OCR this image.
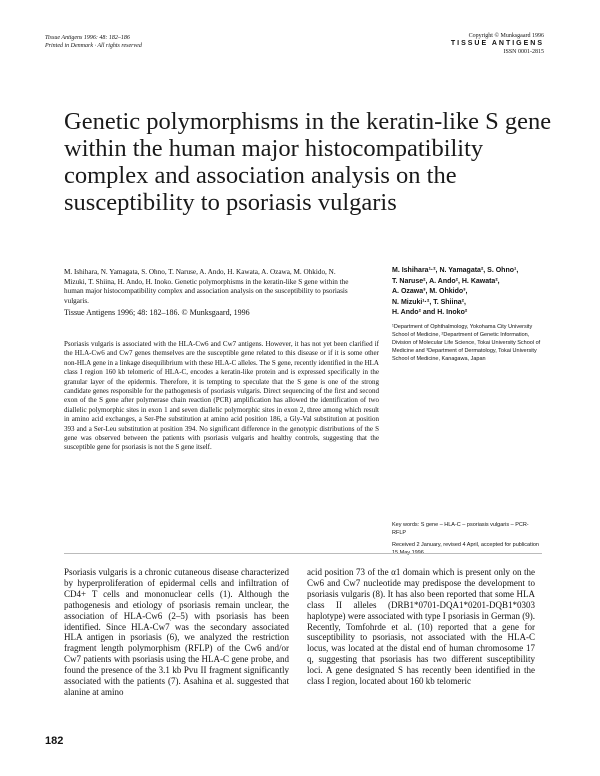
Tissue Antigens 1996: 48: 182–186
Printed in Denmark · All rights reserved
Copyright © Munksgaard 1996
TISSUE ANTIGENS
ISSN 0001-2815
Genetic polymorphisms in the keratin-like S gene within the human major histocompatibility complex and association analysis on the susceptibility to psoriasis vulgaris
M. Ishihara, N. Yamagata, S. Ohno, T. Naruse, A. Ando, H. Kawata, A. Ozawa, M. Ohkido, N. Mizuki, T. Shiina, H. Ando, H. Inoko. Genetic polymorphisms in the keratin-like S gene within the human major histocompatibility complex and association analysis on the susceptibility to psoriasis vulgaris.
Tissue Antigens 1996; 48: 182–186. © Munksgaard, 1996
Psoriasis vulgaris is associated with the HLA-Cw6 and Cw7 antigens. However, it has not yet been clarified if the HLA-Cw6 and Cw7 genes themselves are the susceptible gene related to this disease or if it is some other non-HLA gene in a linkage disequilibrium with these HLA-C alleles. The S gene, recently identified in the HLA class I region 160 kb telomeric of HLA-C, encodes a keratin-like protein and is expressed specifically in the granular layer of the epidermis. Therefore, it is tempting to speculate that the S gene is one of the strong candidate genes responsible for the pathogenesis of psoriasis vulgaris. Direct sequencing of the first and second exon of the S gene after polymerase chain reaction (PCR) amplification has allowed the identification of two diallelic polymorphic sites in exon 1 and seven diallelic polymorphic sites in exon 2, three among which result in amino acid exchanges, a Ser-Phe substitution at amino acid position 186, a Gly-Val substitution at position 393 and a Ser-Leu substitution at position 394. No significant difference in the genotypic distributions of the S gene was observed between the patients with psoriasis vulgaris and healthy controls, suggesting that the susceptible gene for psoriasis is not the S gene itself.
M. Ishihara¹·², N. Yamagata², S. Ohno¹,
T. Naruse², A. Ando², H. Kawata²,
A. Ozawa³, M. Ohkido³,
N. Mizuki¹·², T. Shiina²,
H. Ando² and H. Inoko²
¹Department of Ophthalmology, Yokohama City University School of Medicine, ²Department of Genetic Information, Division of Molecular Life Science, Tokai University School of Medicine and ³Department of Dermatology, Tokai University School of Medicine, Kanagawa, Japan
Key words: S gene – HLA-C – psoriasis vulgaris – PCR-RFLP
Received 2 January, revised 4 April, accepted for publication 15 May 1996
Psoriasis vulgaris is a chronic cutaneous disease characterized by hyperproliferation of epidermal cells and infiltration of CD4+ T cells and mononuclear cells (1). Although the pathogenesis and etiology of psoriasis remain unclear, the association of HLA-Cw6 (2–5) with psoriasis has been identified. Since HLA-Cw7 was the secondary associated HLA antigen in psoriasis (6), we analyzed the restriction fragment length polymorphism (RFLP) of the Cw6 and/or Cw7 patients with psoriasis using the HLA-C gene probe, and found the presence of the 3.1 kb Pvu II fragment significantly associated with the patients (7). Asahina et al. suggested that alanine at amino
acid position 73 of the α1 domain which is present only on the Cw6 and Cw7 nucleotide may predispose the development to psoriasis vulgaris (8). It has also been reported that some HLA class II alleles (DRB1*0701-DQA1*0201-DQB1*0303 haplotype) were associated with type I psoriasis in German (9). Recently, Tomfohrde et al. (10) reported that a gene for susceptibility to psoriasis, not associated with the HLA-C locus, was located at the distal end of human chromosome 17 q, suggesting that psoriasis has two different susceptibility loci. A gene designated S has recently been identified in the class I region, located about 160 kb telomeric
182
